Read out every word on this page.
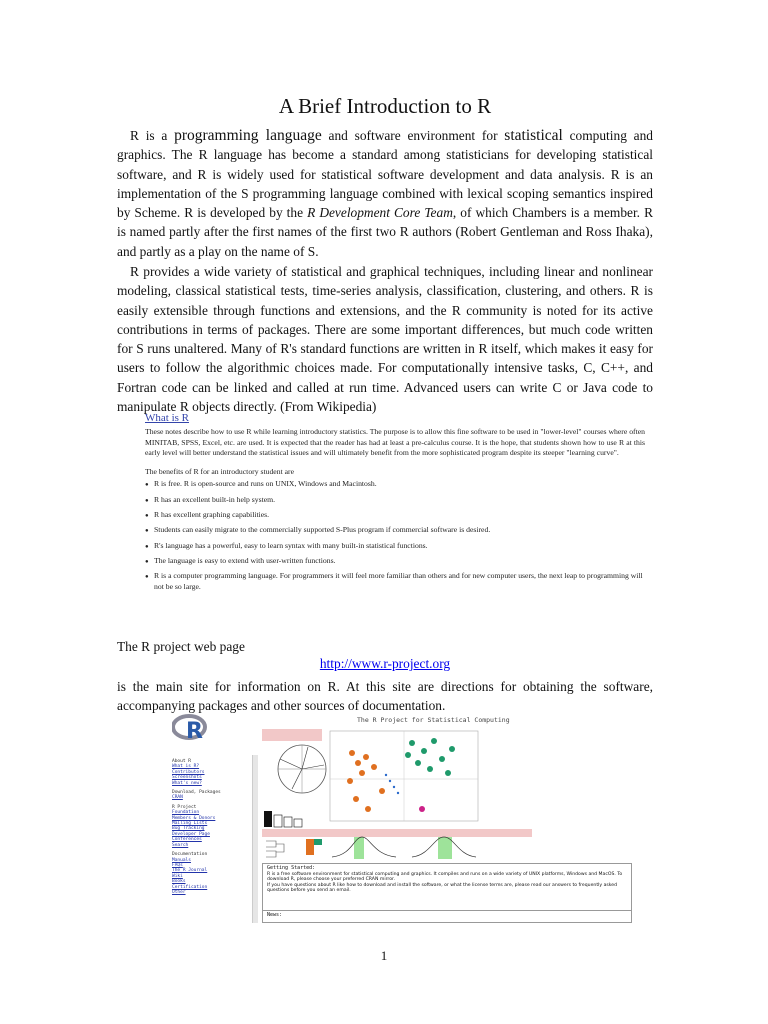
A Brief Introduction to R

R is a programming language and software environment for statistical computing and graphics. The R language has become a standard among statisticians for developing statistical software, and R is widely used for statistical software development and data analysis. R is an implementation of the S programming language combined with lexical scoping semantics inspired by Scheme. R is developed by the R Development Core Team, of which Chambers is a member. R is named partly after the first names of the first two R authors (Robert Gentleman and Ross Ihaka), and partly as a play on the name of S.

R provides a wide variety of statistical and graphical techniques, including linear and nonlinear modeling, classical statistical tests, time-series analysis, classification, clustering, and others. R is easily extensible through functions and extensions, and the R community is noted for its active contributions in terms of packages. There are some important differences, but much code written for S runs unaltered. Many of R's standard functions are written in R itself, which makes it easy for users to follow the algorithmic choices made. For computationally intensive tasks, C, C++, and Fortran code can be linked and called at run time. Advanced users can write C or Java code to manipulate R objects directly. (From Wikipedia)

What is R

These notes describe how to use R while learning introductory statistics. The purpose is to allow this fine software to be used in "lower-level" courses where often MINITAB, SPSS, Excel, etc. are used. It is expected that the reader has had at least a pre-calculus course. It is the hope, that students shown how to use R at this early level will better understand the statistical issues and will ultimately benefit from the more sophisticated program despite its steeper "learning curve".

The benefits of R for an introductory student are
● R is free. R is open-source and runs on UNIX, Windows and Macintosh.
● R has an excellent built-in help system.
● R has excellent graphing capabilities.
● Students can easily migrate to the commercially supported S-Plus program if commercial software is desired.
● R's language has a powerful, easy to learn syntax with many built-in statistical functions.
● The language is easy to extend with user-written functions.
● R is a computer programming language. For programmers it will feel more familiar than others and for new computer users, the next leap to programming will not be so large.
The R project web page
http://www.r-project.org

is the main site for information on R. At this site are directions for obtaining the software, accompanying packages and other sources of documentation.

R	The R Project for Statistical Computing
About R
What is R?
Contributors
Screenshots
What's new?
Download, Packages
CRAN
R Project
Foundation
Members & Donors
Mailing Lists
Bug Tracking
Developer Page
Conferences
Search
Documentation
Manuals
FAQs
The R Journal
Wiki
Books
Certification
Other
Getting Started:
R is a free software environment for statistical computing and graphics. It compiles and runs on a wide variety of UNIX platforms, Windows and MacOS. To download R, please choose your preferred CRAN mirror.
If you have questions about R like how to download and install the software, or what the license terms are, please read our answers to frequently asked questions before you send an email.
News:
1
